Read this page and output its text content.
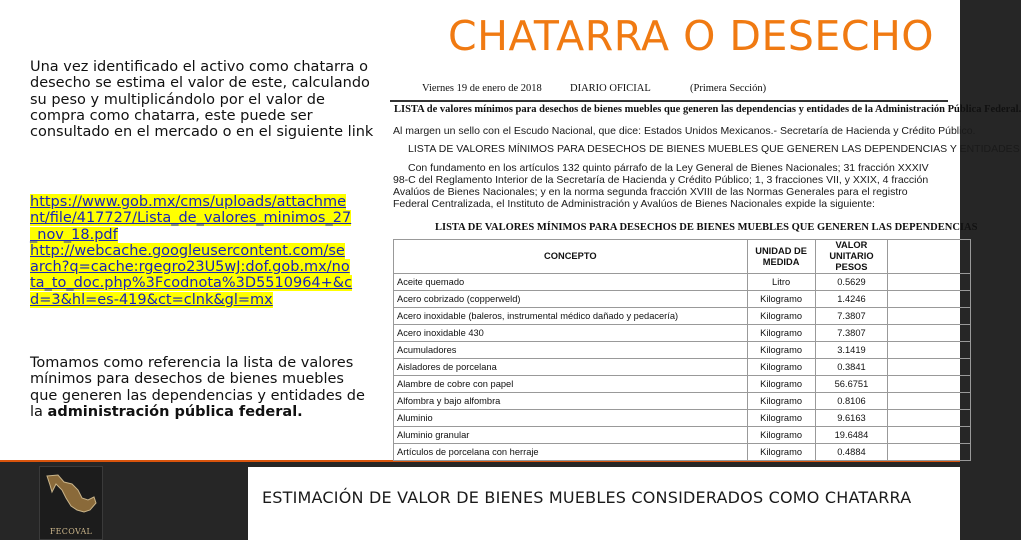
CHATARRA O DESECHO
Una vez identificado el activo como chatarra o desecho se estima el valor de este, calculando su peso y multiplicándolo por el valor de compra como chatarra, este puede ser consultado en el mercado o en el siguiente link
https://www.gob.mx/cms/uploads/attachme
nt/file/417727/Lista_de_valores_minimos_27
_nov_18.pdf
http://webcache.googleusercontent.com/se
arch?q=cache:rgegro23U5wJ:dof.gob.mx/no
ta_to_doc.php%3Fcodnota%3D5510964+&c
d=3&hl=es-419&ct=clnk&gl=mx
Tomamos como referencia la lista de valores mínimos para desechos de bienes muebles que generen las dependencias y entidades de la administración pública federal.
Viernes 19 de enero de 2018	DIARIO OFICIAL	(Primera Sección)
LISTA de valores mínimos para desechos de bienes muebles que generen las dependencias y entidades de la Administración Pública Federal.
Al margen un sello con el Escudo Nacional, que dice: Estados Unidos Mexicanos.- Secretaría de Hacienda y Crédito Público.
LISTA DE VALORES MÍNIMOS PARA DESECHOS DE BIENES MUEBLES QUE GENEREN LAS DEPENDENCIAS Y ENTIDADES
Con fundamento en los artículos 132 quinto párrafo de la Ley General de Bienes Nacionales; 31 fracción XXXIV
98-C del Reglamento Interior de la Secretaría de Hacienda y Crédito Público; 1, 3 fracciones VII, y XXIX, 4 fracción
Avalúos de Bienes Nacionales; y en la norma segunda fracción XVIII de las Normas Generales para el registro
Federal Centralizada, el Instituto de Administración y Avalúos de Bienes Nacionales expide la siguiente:
LISTA DE VALORES MÍNIMOS PARA DESECHOS DE BIENES MUEBLES QUE GENEREN LAS DEPENDENCIAS
CONCEPTO	UNIDAD DE MEDIDA	VALOR UNITARIO PESOS	
Aceite quemado	Litro	0.5629	
Acero cobrizado (copperweld)	Kilogramo	1.4246	
Acero inoxidable (baleros, instrumental médico dañado y pedacería)	Kilogramo	7.3807	
Acero inoxidable 430	Kilogramo	7.3807	
Acumuladores	Kilogramo	3.1419	
Aisladores de porcelana	Kilogramo	0.3841	
Alambre de cobre con papel	Kilogramo	56.6751	
Alfombra y bajo alfombra	Kilogramo	0.8106	
Aluminio	Kilogramo	9.6163	
Aluminio granular	Kilogramo	19.6484	
Artículos de porcelana con herraje	Kilogramo	0.4884	
FECOVAL
ESTIMACIÓN DE VALOR DE BIENES MUEBLES CONSIDERADOS COMO CHATARRA
